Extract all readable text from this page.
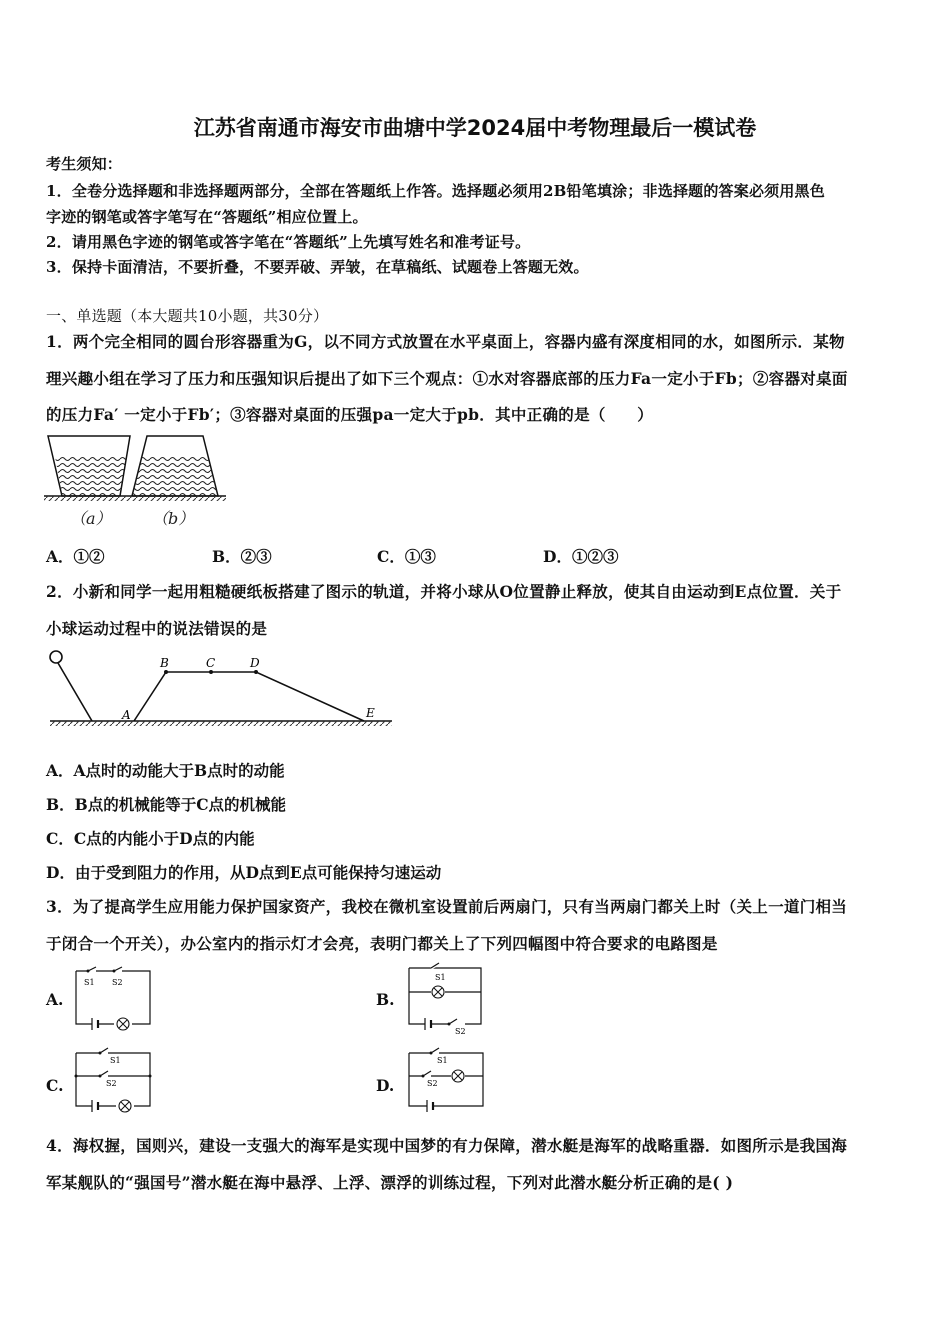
江苏省南通市海安市曲塘中学2024届中考物理最后一模试卷
考生须知：
1．全卷分选择题和非选择题两部分，全部在答题纸上作答。选择题必须用2B铅笔填涂；非选择题的答案必须用黑色
字迹的钢笔或答字笔写在“答题纸”相应位置上。
2．请用黑色字迹的钢笔或答字笔在“答题纸”上先填写姓名和准考证号。
3．保持卡面清洁，不要折叠，不要弄破、弄皱，在草稿纸、试题卷上答题无效。
一、单选题（本大题共10小题，共30分）
1．两个完全相同的圆台形容器重为G，以不同方式放置在水平桌面上，容器内盛有深度相同的水，如图所示．某物
理兴趣小组在学习了压力和压强知识后提出了如下三个观点：①水对容器底部的压力Fa一定小于Fb；②容器对桌面
的压力Fa′ 一定小于Fb′；③容器对桌面的压强pa一定大于pb．其中正确的是（　　）
（a）	（b）
A．①②	B．②③	C．①③	D．①②③
2．小新和同学一起用粗糙硬纸板搭建了图示的轨道，并将小球从O位置静止释放，使其自由运动到E点位置．关于
小球运动过程中的说法错误的是
A
B	C	D
E
A．A点时的动能大于B点时的动能
B．B点的机械能等于C点的机械能
C．C点的内能小于D点的内能
D．由于受到阻力的作用，从D点到E点可能保持匀速运动
3．为了提高学生应用能力保护国家资产，我校在微机室设置前后两扇门，只有当两扇门都关上时（关上一道门相当
于闭合一个开关），办公室内的指示灯才会亮，表明门都关上了下列四幅图中符合要求的电路图是
A.
S1 S2
B.
S1
S2
C.
S1
S2	D.
S1
S2
4．海权握，国则兴，建设一支强大的海军是实现中国梦的有力保障，潜水艇是海军的战略重器．如图所示是我国海
军某舰队的“强国号”潜水艇在海中悬浮、上浮、漂浮的训练过程，下列对此潜水艇分析正确的是( )
